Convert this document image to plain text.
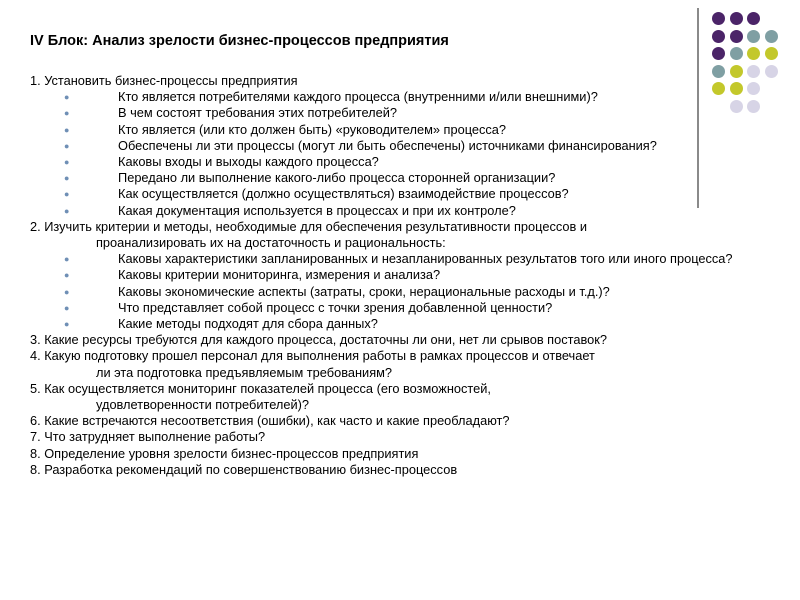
IV Блок: Анализ зрелости бизнес-процессов предприятия
1. Установить бизнес-процессы предприятия
●	Кто является потребителями каждого процесса (внутренними и/или внешними)?
●	В чем состоят требования этих потребителей?
●	Кто является (или кто должен быть) «руководителем» процесса?
●	Обеспечены ли эти процессы (могут ли быть обеспечены) источниками финансирования?
●	Каковы входы и выходы каждого процесса?
●	Передано ли выполнение какого-либо процесса сторонней организации?
●	Как осуществляется (должно осуществляться) взаимодействие процессов?
●	Какая документация используется в процессах и при их контроле?
2. Изучить критерии и методы, необходимые для обеспечения результативности процессов и
проанализировать их на достаточность и рациональность:
●	Каковы характеристики запланированных и незапланированных результатов того или иного процесса?
●	Каковы критерии мониторинга, измерения и анализа?
●	Каковы экономические аспекты (затраты, сроки, нерациональные расходы и т.д.)?
●	Что представляет собой процесс с точки зрения добавленной ценности?
●	Какие методы подходят для сбора данных?
3. Какие ресурсы требуются для каждого процесса, достаточны ли они, нет ли срывов поставок?
4. Какую подготовку прошел персонал для выполнения работы в рамках процессов и отвечает
ли эта подготовка предъявляемым требованиям?
5. Как осуществляется мониторинг показателей процесса (его возможностей,
удовлетворенности потребителей)?
6. Какие встречаются несоответствия (ошибки), как часто и какие преобладают?
7. Что затрудняет выполнение работы?
8. Определение уровня зрелости бизнес-процессов предприятия
8. Разработка рекомендаций по совершенствованию бизнес-процессов
